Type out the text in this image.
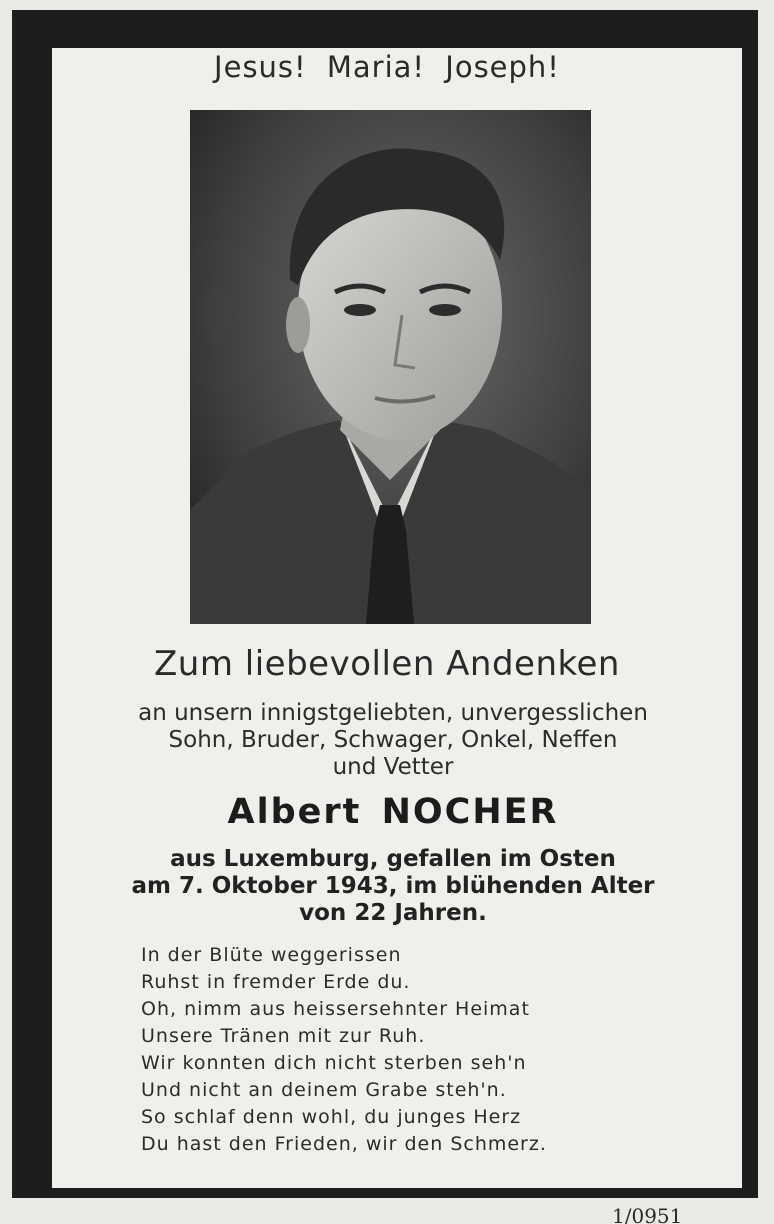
Jesus! Maria! Joseph!
Zum liebevollen Andenken
an unsern innigstgeliebten, unvergesslichen
Sohn, Bruder, Schwager, Onkel, Neffen
und Vetter
Albert NOCHER
aus Luxemburg, gefallen im Osten
am 7. Oktober 1943, im blühenden Alter
von 22 Jahren.
In der Blüte weggerissen
Ruhst in fremder Erde du.
Oh, nimm aus heissersehnter Heimat
Unsere Tränen mit zur Ruh.
Wir konnten dich nicht sterben seh'n
Und nicht an deinem Grabe steh'n.
So schlaf denn wohl, du junges Herz
Du hast den Frieden, wir den Schmerz.
1/0951
